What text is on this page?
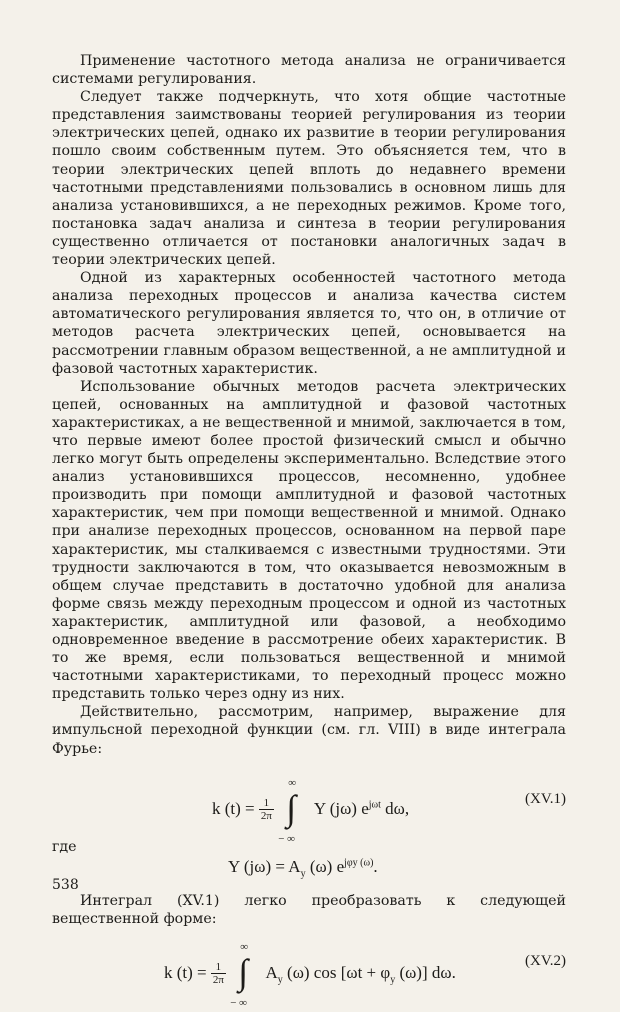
Применение частотного метода анализа не ограничивается системами регулирования.

Следует также подчеркнуть, что хотя общие частотные представления заимствованы теорией регулирования из теории электрических цепей, однако их развитие в теории регулирования пошло своим собственным путем. Это объясняется тем, что в теории электрических цепей вплоть до недавнего времени частотными представлениями пользовались в основном лишь для анализа установившихся, а не переходных режимов. Кроме того, постановка задач анализа и синтеза в теории регулирования существенно отличается от постановки аналогичных задач в теории электрических цепей.

Одной из характерных особенностей частотного метода анализа переходных процессов и анализа качества систем автоматического регулирования является то, что он, в отличие от методов расчета электрических цепей, основывается на рассмотрении главным образом вещественной, а не амплитудной и фазовой частотных характеристик.

Использование обычных методов расчета электрических цепей, основанных на амплитудной и фазовой частотных характеристиках, а не вещественной и мнимой, заключается в том, что первые имеют более простой физический смысл и обычно легко могут быть определены экспериментально. Вследствие этого анализ установившихся процессов, несомненно, удобнее производить при помощи амплитудной и фазовой частотных характеристик, чем при помощи вещественной и мнимой. Однако при анализе переходных процессов, основанном на первой паре характеристик, мы сталкиваемся с известными трудностями. Эти трудности заключаются в том, что оказывается невозможным в общем случае представить в достаточно удобной для анализа форме связь между переходным процессом и одной из частотных характеристик, амплитудной или фазовой, а необходимо одновременное введение в рассмотрение обеих характеристик. В то же время, если пользоваться вещественной и мнимой частотными характеристиками, то переходный процесс можно представить только через одну из них.

Действительно, рассмотрим, например, выражение для импульсной переходной функции (см. гл. VIII) в виде интеграла Фурье:

k $(t) = \frac{1}{2\pi}$

∞
∫
− ∞
Y (jω) $e^{j\omega t}$ dω,	(XV.1)

где

Y $(j\omega) = A_y$ (ω) $e^{j\varphi y (\omega)}$.

Интеграл (XV.1) легко преобразовать к следующей вещественной форме:

k $(t) = \frac{1}{2\pi}$

∞
∫
− ∞
$A_y$ (ω) $\cos [\omega t + \varphi_y$ (ω)] dω.
(XV.2)
538
